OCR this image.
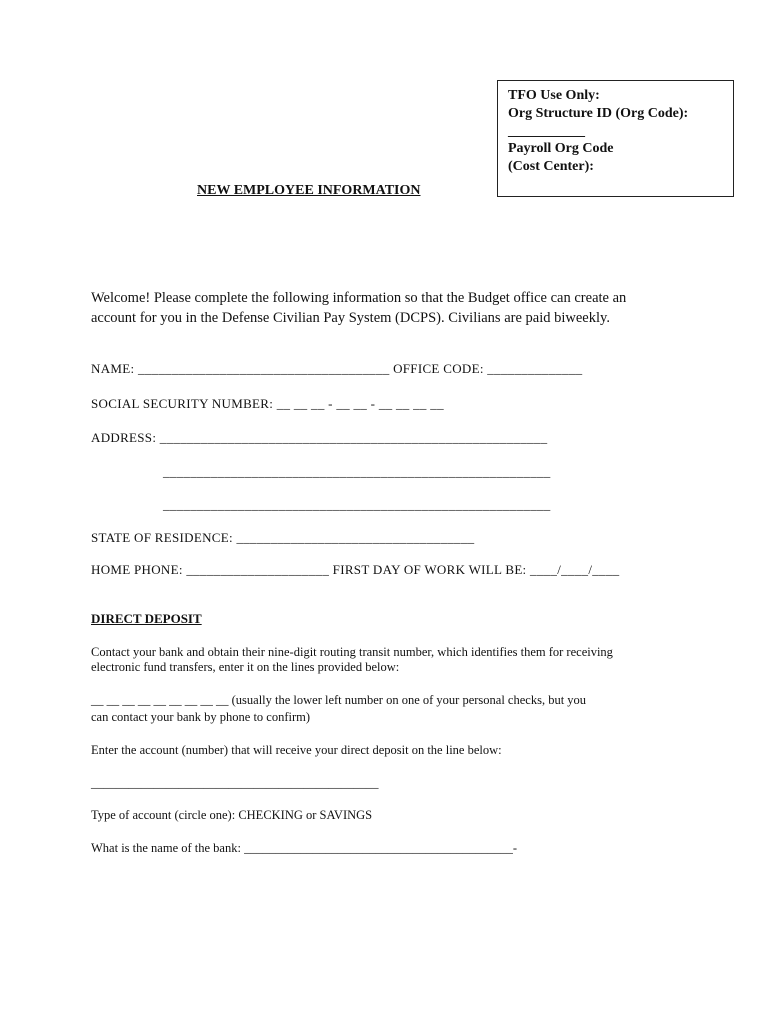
TFO Use Only:
Org Structure ID (Org Code):
___________
Payroll Org Code
(Cost Center):
NEW EMPLOYEE INFORMATION
Welcome! Please complete the following information so that the Budget office can create an
account for you in the Defense Civilian Pay System (DCPS). Civilians are paid biweekly.
NAME: _____________________________________ OFFICE CODE: ______________
SOCIAL SECURITY NUMBER: __ __ __ - __ __ - __ __ __ __
ADDRESS: _________________________________________________________
_________________________________________________________
_________________________________________________________
STATE OF RESIDENCE: ___________________________________
HOME PHONE: _____________________ FIRST DAY OF WORK WILL BE: ____/____/____
DIRECT DEPOSIT
Contact your bank and obtain their nine-digit routing transit number, which identifies them for receiving
electronic fund transfers, enter it on the lines provided below:
__ __ __ __ __ __ __ __ __ (usually the lower left number on one of your personal checks, but you
can contact your bank by phone to confirm)
Enter the account (number) that will receive your direct deposit on the line below:
______________________________________________
Type of account (circle one): CHECKING or SAVINGS
What is the name of the bank: ___________________________________________-
